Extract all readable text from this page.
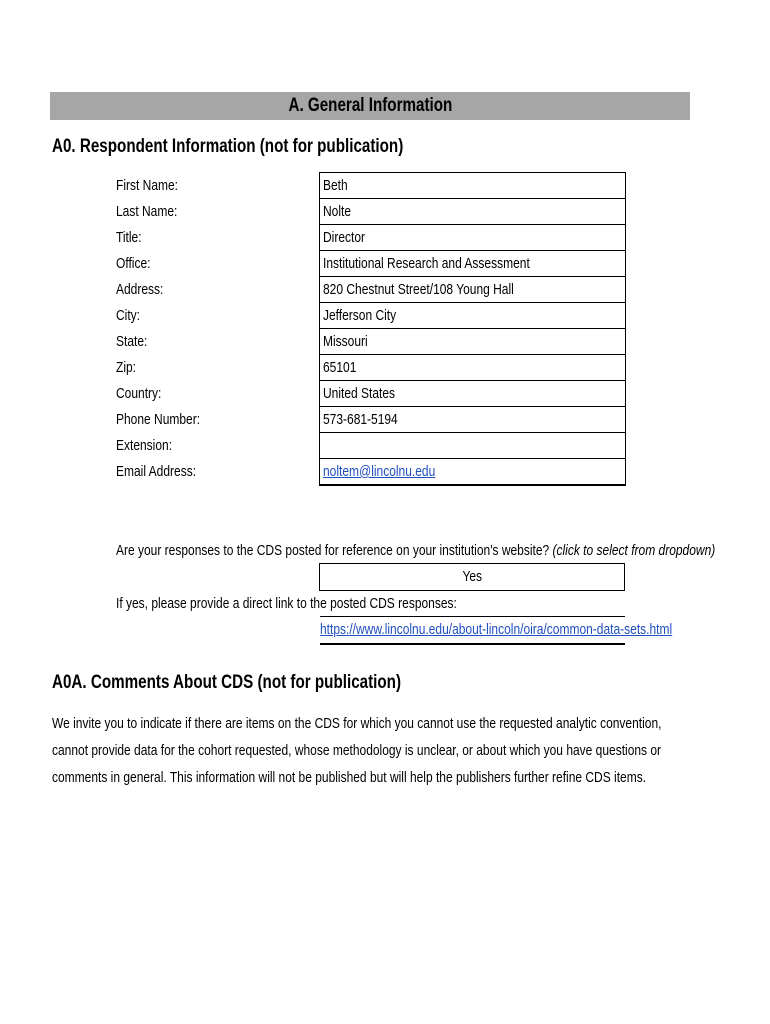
A. General Information
A0. Respondent Information (not for publication)
First Name:
Last Name:
Title:
Office:
Address:
City:
State:
Zip:
Country:
Phone Number:
Extension:
Email Address:
Beth
Nolte
Director
Institutional Research and Assessment
820 Chestnut Street/108 Young Hall
Jefferson City
Missouri
65101
United States
573-681-5194
noltem@lincolnu.edu
Are your responses to the CDS posted for reference on your institution's website? (click to select from dropdown)
Yes
If yes, please provide a direct link to the posted CDS responses:
https://www.lincolnu.edu/about-lincoln/oira/common-data-sets.html
A0A. Comments About CDS (not for publication)
We invite you to indicate if there are items on the CDS for which you cannot use the requested analytic convention,
cannot provide data for the cohort requested, whose methodology is unclear, or about which you have questions or
comments in general. This information will not be published but will help the publishers further refine CDS items.
